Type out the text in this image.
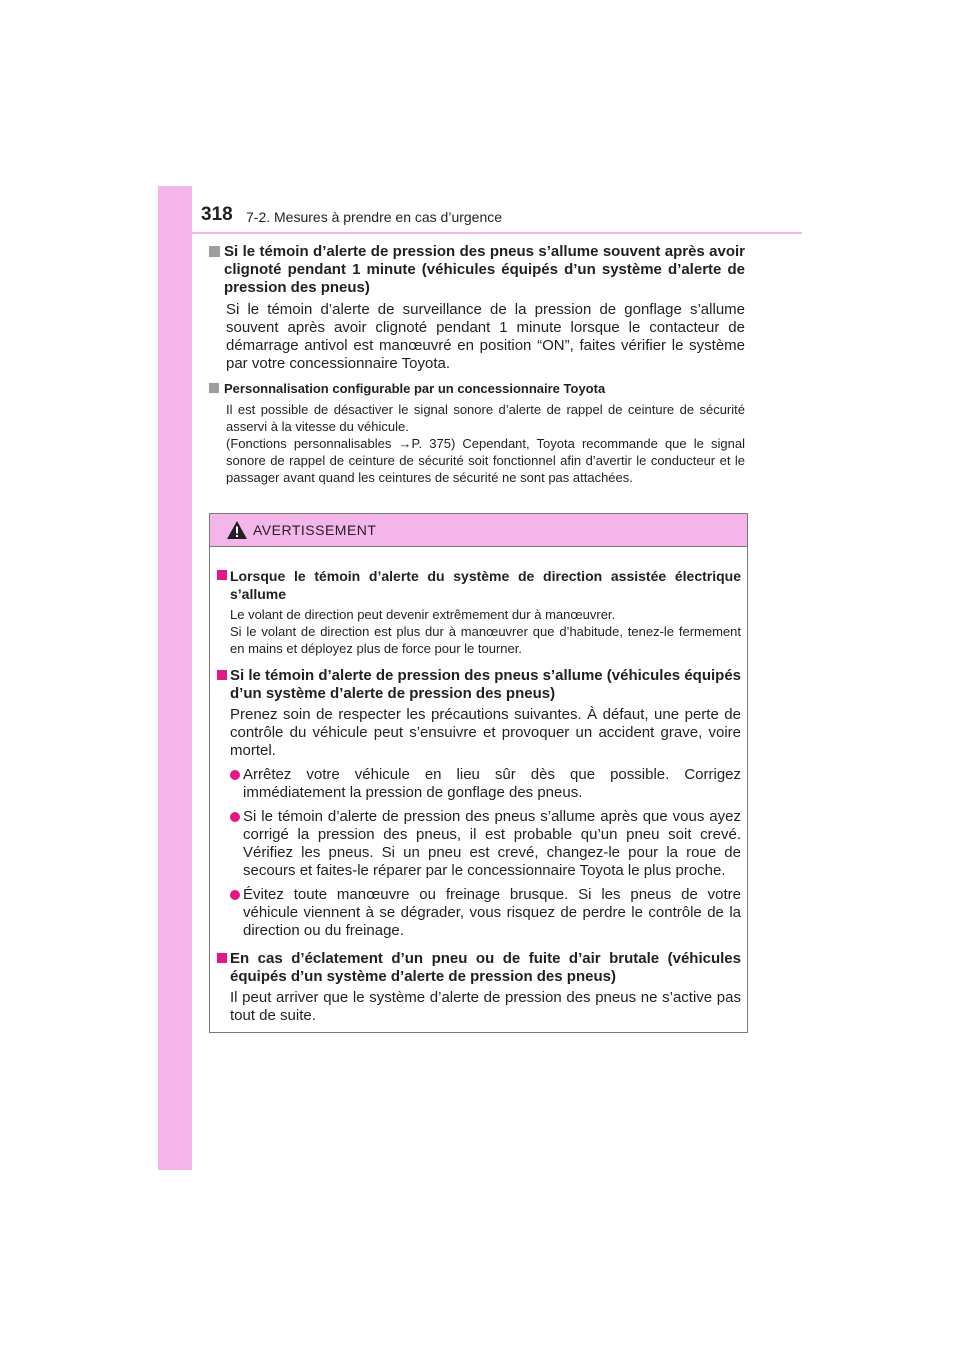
318 7-2. Mesures à prendre en cas d’urgence
Si le témoin d’alerte de pression des pneus s’allume souvent après avoir clignoté pendant 1 minute (véhicules équipés d’un système d’alerte de pression des pneus)
Si le témoin d’alerte de surveillance de la pression de gonflage s’allume souvent après avoir clignoté pendant 1 minute lorsque le contacteur de démarrage antivol est manœuvré en position “ON”, faites vérifier le système par votre concessionnaire Toyota.
Personnalisation configurable par un concessionnaire Toyota
Il est possible de désactiver le signal sonore d’alerte de rappel de ceinture de sécurité asservi à la vitesse du véhicule.
(Fonctions personnalisables →P. 375) Cependant, Toyota recommande que le signal sonore de rappel de ceinture de sécurité soit fonctionnel afin d’avertir le conducteur et le passager avant quand les ceintures de sécurité ne sont pas attachées.
AVERTISSEMENT
Lorsque le témoin d’alerte du système de direction assistée électrique s’allume
Le volant de direction peut devenir extrêmement dur à manœuvrer.
Si le volant de direction est plus dur à manœuvrer que d’habitude, tenez-le fermement en mains et déployez plus de force pour le tourner.
Si le témoin d’alerte de pression des pneus s’allume (véhicules équipés d’un système d’alerte de pression des pneus)
Prenez soin de respecter les précautions suivantes. À défaut, une perte de contrôle du véhicule peut s’ensuivre et provoquer un accident grave, voire mortel.
Arrêtez votre véhicule en lieu sûr dès que possible. Corrigez immédiatement la pression de gonflage des pneus.
Si le témoin d’alerte de pression des pneus s’allume après que vous ayez corrigé la pression des pneus, il est probable qu’un pneu soit crevé. Vérifiez les pneus. Si un pneu est crevé, changez-le pour la roue de secours et faites-le réparer par le concessionnaire Toyota le plus proche.
Évitez toute manœuvre ou freinage brusque. Si les pneus de votre véhicule viennent à se dégrader, vous risquez de perdre le contrôle de la direction ou du freinage.
En cas d’éclatement d’un pneu ou de fuite d’air brutale (véhicules équipés d’un système d’alerte de pression des pneus)
Il peut arriver que le système d’alerte de pression des pneus ne s’active pas tout de suite.
